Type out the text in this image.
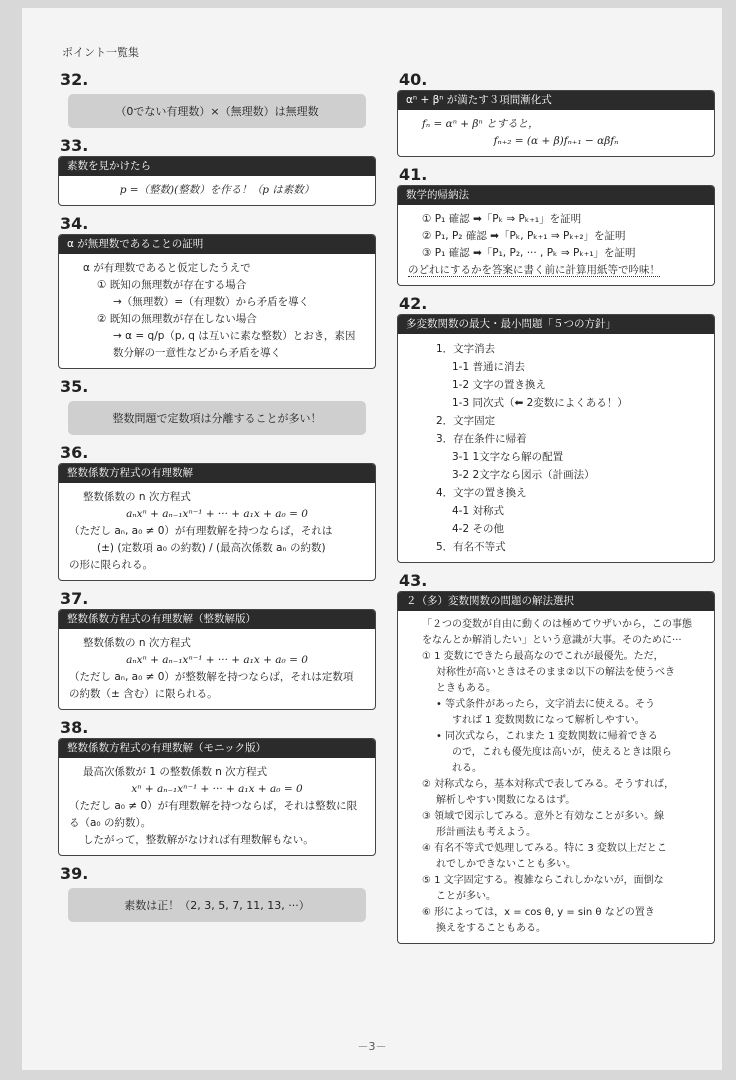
ポイント一覧集
32.
（0でない有理数）×（無理数）は無理数
33.
素数を見かけたら
p =（整数)(整数）を作る！（p は素数）
34.
α が無理数であることの証明
α が有理数であると仮定したうえで
① 既知の無理数が存在する場合
→（無理数）=（有理数）から矛盾を導く
② 既知の無理数が存在しない場合
→ α = q/p（p, q は互いに素な整数）とおき，素因
数分解の一意性などから矛盾を導く
35.
整数問題で定数項は分離することが多い！
36.
整数係数方程式の有理数解
整数係数の n 次方程式
aₙxⁿ + aₙ₋₁xⁿ⁻¹ + ··· + a₁x + a₀ = 0
（ただし aₙ, a₀ ≠ 0）が有理数解を持つならば，それは
(±) (定数項 a₀ の約数) / (最高次係数 aₙ の約数)
の形に限られる。
37.
整数係数方程式の有理数解（整数解版）
整数係数の n 次方程式
aₙxⁿ + aₙ₋₁xⁿ⁻¹ + ··· + a₁x + a₀ = 0
（ただし aₙ, a₀ ≠ 0）が整数解を持つならば，それは定数項
の約数（± 含む）に限られる。
38.
整数係数方程式の有理数解（モニック版）
最高次係数が 1 の整数係数 n 次方程式
xⁿ + aₙ₋₁xⁿ⁻¹ + ··· + a₁x + a₀ = 0
（ただし a₀ ≠ 0）が有理数解を持つならば，それは整数に限
る（a₀ の約数）。
したがって，整数解がなければ有理数解もない。
39.
素数は正！（2, 3, 5, 7, 11, 13, ···）
40.
αⁿ + βⁿ が満たす３項間漸化式
fₙ = αⁿ + βⁿ とすると，
fₙ₊₂ = (α + β)fₙ₊₁ − αβfₙ
41.
数学的帰納法
① P₁ 確認 ➡「Pₖ ⇒ Pₖ₊₁」を証明
② P₁, P₂ 確認 ➡「Pₖ, Pₖ₊₁ ⇒ Pₖ₊₂」を証明
③ P₁ 確認 ➡「P₁, P₂, ··· , Pₖ ⇒ Pₖ₊₁」を証明
のどれにするかを答案に書く前に計算用紙等で吟味！
42.
多変数関数の最大・最小問題「５つの方針」
1．文字消去
1-1 普通に消去
1-2 文字の置き換え
1-3 同次式（⬅ 2変数によくある！）
2．文字固定
3．存在条件に帰着
3-1 1文字なら解の配置
3-2 2文字なら図示（計画法）
4．文字の置き換え
4-1 対称式
4-2 その他
5．有名不等式
43.
２（多）変数関数の問題の解法選択
「２つの変数が自由に動くのは極めてウザいから，この事態
をなんとか解消したい」という意識が大事。そのために···
① 1 変数にできたら最高なのでこれが最優先。ただ，
対称性が高いときはそのまま②以下の解法を使うべき
ときもある。
• 等式条件があったら，文字消去に使える。そう
すれば 1 変数関数になって解析しやすい。
• 同次式なら，これまた 1 変数関数に帰着できる
ので，これも優先度は高いが，使えるときは限ら
れる。
② 対称式なら，基本対称式で表してみる。そうすれば，
解析しやすい関数になるはず。
③ 領域で図示してみる。意外と有効なことが多い。線
形計画法も考えよう。
④ 有名不等式で処理してみる。特に 3 変数以上だとこ
れでしかできないことも多い。
⑤ 1 文字固定する。複雑ならこれしかないが，面倒な
ことが多い。
⑥ 形によっては，x = cos θ, y = sin θ などの置き
換えをすることもある。
－3－
